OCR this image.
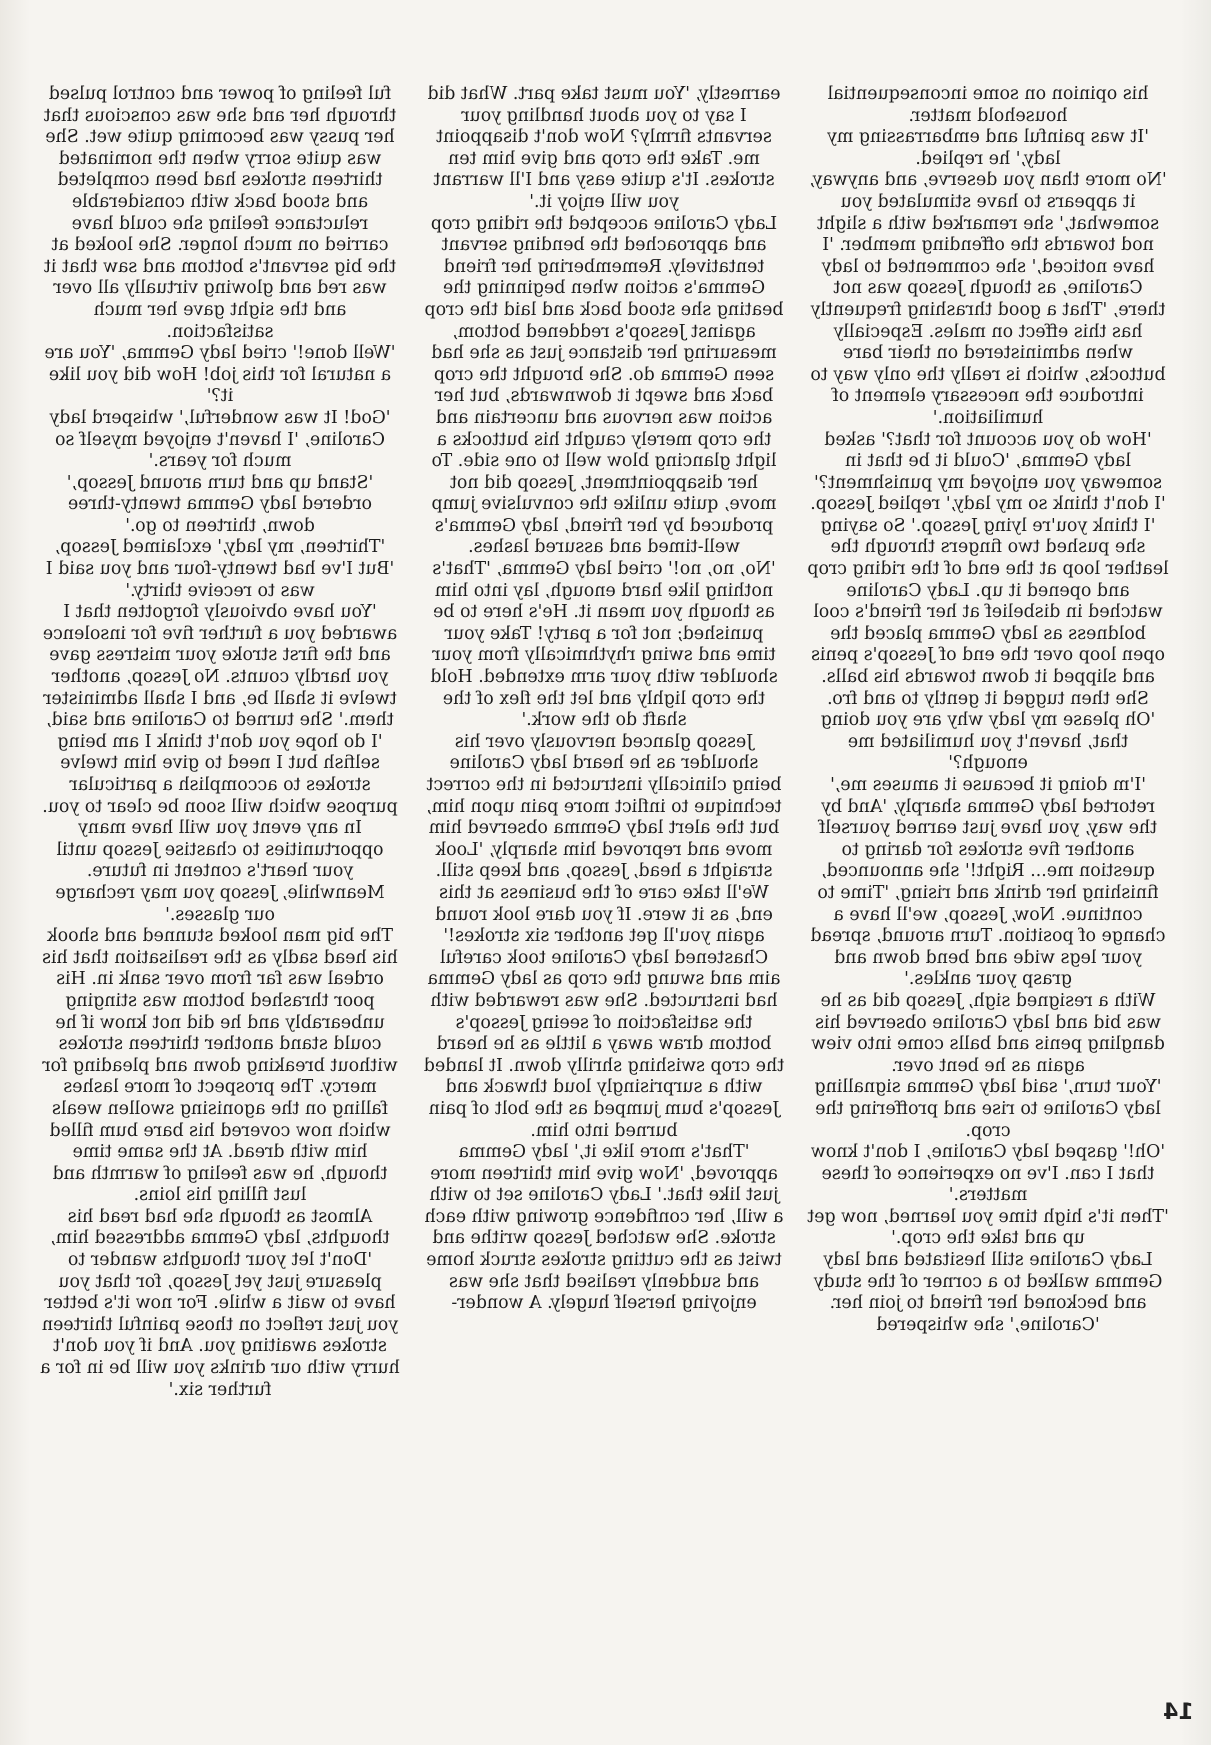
his opinion on some inconsequential household matter.

'It was painful and embarrassing my lady,' he replied.

'No more than you deserve, and anyway, it appears to have stimulated you somewhat,' she remarked with a slight nod towards the offending member. 'I have noticed,' she commented to lady Caroline, as though Jessop was not there, 'That a good thrashing frequently has this effect on males. Especially when administered on their bare buttocks, which is really the only way to introduce the necessary element of humiliation.'

'How do you account for that?' asked lady Gemma, 'Could it be that in someway you enjoyed my punishment?'

'I don't think so my lady,' replied Jessop.

'I think you're lying Jessop.' So saying she pushed two fingers through the leather loop at the end of the riding crop and opened it up. Lady Caroline watched in disbelief at her friend's cool boldness as lady Gemma placed the open loop over the end of Jessop's penis and slipped it down towards his balls. She then tugged it gently to and fro.

'Oh please my lady why are you doing that, haven't you humiliated me enough?'

'I'm doing it because it amuses me,' retorted lady Gemma sharply, 'And by the way, you have just earned yourself another five strokes for daring to question me... Right!' she announced, finishing her drink and rising, 'Time to continue. Now, Jessop, we'll have a change of position. Turn around, spread your legs wide and bend down and grasp your ankles.'

With a resigned sigh, Jessop did as he was bid and lady Caroline observed his dangling penis and balls come into view again as he bent over.

'Your turn,' said lady Gemma signalling lady Caroline to rise and proffering the crop.

'Oh!' gasped lady Caroline, I don't know that I can. I've no experience of these matters.'

'Then it's high time you learned, now get up and take the crop.'

Lady Caroline still hesitated and lady Gemma walked to a corner of the study and beckoned her friend to join her.

'Caroline,' she whispered

earnestly, 'You must take part. What did I say to you about handling your servants firmly? Now don't disappoint me. Take the crop and give him ten strokes. It's quite easy and I'll warrant you will enjoy it.'

Lady Caroline accepted the riding crop and approached the bending servant tentatively. Remembering her friend Gemma's action when beginning the beating she stood back and laid the crop against Jessop's reddened bottom, measuring her distance just as she had seen Gemma do. She brought the crop back and swept it downwards, but her action was nervous and uncertain and the crop merely caught his buttocks a light glancing blow well to one side. To her disappointment, Jessop did not move, quite unlike the convulsive jump produced by her friend, lady Gemma's well-timed and assured lashes.

'No, no, no!' cried lady Gemma, 'That's nothing like hard enough, lay into him as though you mean it. He's here to be punished; not for a party! Take your time and swing rhythmically from your shoulder with your arm extended. Hold the crop lighly and let the flex of the shaft do the work.'

Jessop glanced nervously over his shoulder as he heard lady Caroline being clinically instructed in the correct technique to inflict more pain upon him, but the alert lady Gemma observed him move and reproved him sharply, 'Look straight a head, Jessop, and keep still. We'll take care of the business at this end, as it were. If you dare look round again you'll get another six strokes!'

Chastened lady Caroline took careful aim and swung the crop as lady Gemma had instructed. She was rewarded with the satisfaction of seeing Jessop's bottom draw away a little as he heard the crop swishing shrilly down. It landed with a surprisingly loud thwack and Jessop's bum jumped as the bolt of pain burned into him.

'That's more like it,' lady Gemma approved, 'Now give him thirteen more just like that.' Lady Caroline set to with a will, her confidence growing with each stroke. She watched Jessop writhe and twist as the cutting strokes struck home and suddenly realised that she was enjoying herself hugely. A wonder-

ful feeling of power and control pulsed through her and she was conscious that her pussy was becoming quite wet. She was quite sorry when the nominated thirteen strokes had been completed and stood back with considerable reluctance feeling she could have carried on much longer. She looked at the big servant's bottom and saw that it was red and glowing virtually all over and the sight gave her much satisfaction.

'Well done!' cried lady Gemma, 'You are a natural for this job! How did you like it?'

'God! It was wonderful,' whisperd lady Caroline, 'I haven't enjoyed myself so much for years.'

'Stand up and turn around Jessop,' ordered lady Gemma twenty-three down, thirteen to go.'

'Thirteen, my lady,' exclaimed Jessop, 'But I've had twenty-four and you said I was to receive thirty.'

'You have obviously forgotten that I awarded you a further five for insolence and the first stroke your mistress gave you hardly counts. No Jessop, another twelve it shall be, and I shall administer them.' She turned to Caroline and said, 'I do hope you don't think I am being selfish but I need to give him twelve strokes to accomplish a particular purpose which will soon be clear to you. In any event you will have many opportunities to chastise Jessop until your heart's content in future. Meanwhile, Jessop you may recharge our glasses.'

The big man looked stunned and shook his head sadly as the realisation that his ordeal was far from over sank in. His poor thrashed bottom was stinging unbearably and he did not know if he could stand another thirteen strokes without breaking down and pleading for mercy. The prospect of more lashes falling on the agonising swollen weals which now covered his bare bum filled him with dread. At the same time though, he was feeling of warmth and lust filling his loins.

Almost as though she had read his thoughts, lady Gemma addressed him, 'Don't let your thoughts wander to pleasure just yet Jessop, for that you have to wait a while. For now it's better you just reflect on those painful thirteen strokes awaiting you. And if you don't hurry with our drinks you will be in for a further six.'

14
